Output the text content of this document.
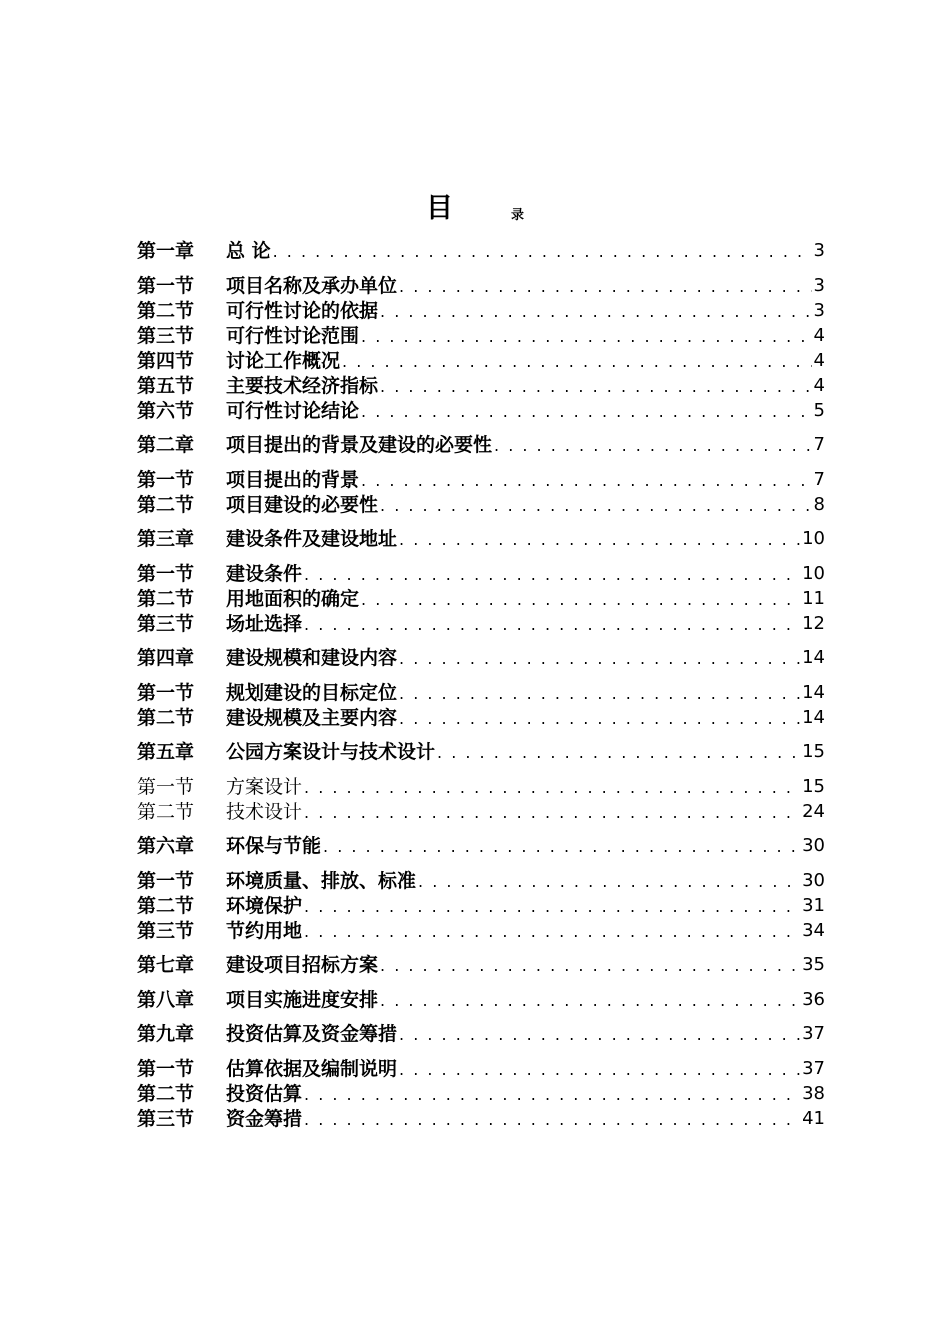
目	录
第一章	总 论 . . .	3
第一节	项目名称及承办单位 . . .	3
第二节	可行性讨论的依据 . . .	3
第三节	可行性讨论范围 . . .	4
第四节	讨论工作概况 . . .	4
第五节	主要技术经济指标 . . .	4
第六节	可行性讨论结论 . . .	5
第二章	项目提出的背景及建设的必要性 . . .	7
第一节	项目提出的背景 . . .	7
第二节	项目建设的必要性 . . .	8
第三章	建设条件及建设地址 . . .	10
第一节	建设条件 . . .	10
第二节	用地面积的确定 . . .	11
第三节	场址选择 . . .	12
第四章	建设规模和建设内容 . . .	14
第一节	规划建设的目标定位 . . .	14
第二节	建设规模及主要内容 . . .	14
第五章	公园方案设计与技术设计 . . .	15
第一节	方案设计 . . .	15
第二节	技术设计 . . .	24
第六章	环保与节能 . . .	30
第一节	环境质量、排放、标准 . . .	30
第二节	环境保护 . . .	31
第三节	节约用地 . . .	34
第七章	建设项目招标方案 . . .	35
第八章	项目实施进度安排 . . .	36
第九章	投资估算及资金筹措 . . .	37
第一节	估算依据及编制说明 . . .	37
第二节	投资估算 . . .	38
第三节	资金筹措 . . .	41
